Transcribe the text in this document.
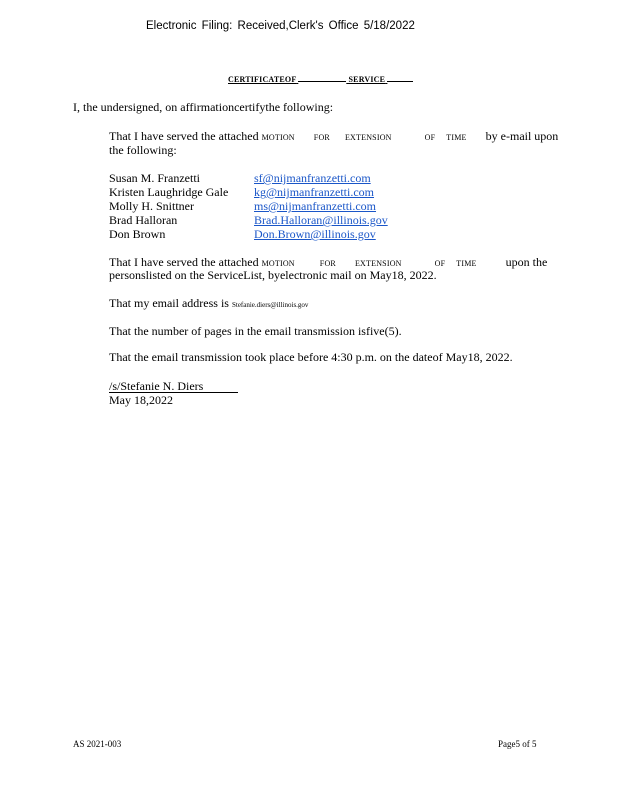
Electronic Filing: Received,Clerk's Office 5/18/2022
CERTIFICATEOF	SERVICE
I, the undersigned, on affirmationcertifythe following:
That I have served the attached MOTION FOR EXTENSION	OF TIME by e-mail upon
the following:
Susan M. Franzetti	sf@nijmanfranzetti.com
Kristen Laughridge Gale	kg@nijmanfranzetti.com
Molly H. Snittner	ms@nijmanfranzetti.com
Brad Halloran	Brad.Halloran@illinois.gov
Don Brown	Don.Brown@illinois.gov
That I have served the attached MOTION	FOR EXTENSION	OF TIME upon the
personslisted on the ServiceList, byelectronic mail on May18, 2022.
That my email address is Stefanie.diers@illinois.gov
That the number of pages in the email transmission isfive(5).
That the email transmission took place before 4:30 p.m. on the dateof May18, 2022.
/s/Stefanie N. Diers
May 18,2022
AS 2021-003	Page5 of 5
